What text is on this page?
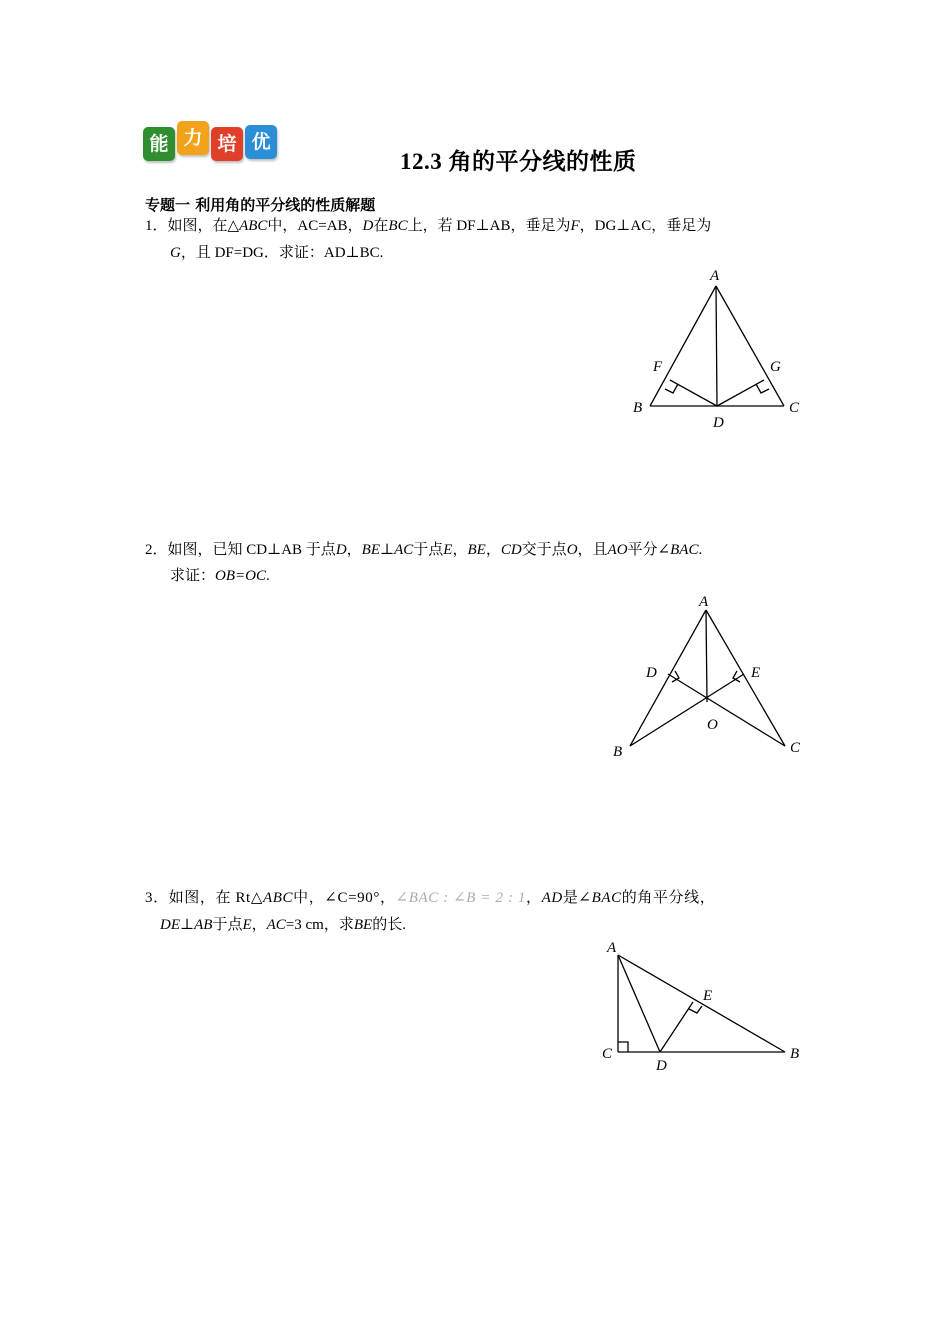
能 力 培 优
12.3 角的平分线的性质
专题一 利用角的平分线的性质解题
1．如图，在△ABC中，AC=AB，D在BC上，若 DF⊥AB，垂足为F，DG⊥AC，垂足为
G，且 DF=DG．求证：AD⊥BC.
A
B	C
D
F	G
A
B	C
D	E
O
A
B
C
D
E
2．如图，已知 CD⊥AB 于点D，BE⊥AC于点E，BE，CD交于点O，且AO平分∠BAC.
求证：OB=OC.
3．如图，在 Rt△ABC中，∠C=90°，∠BAC : ∠B = 2 : 1，AD是∠BAC的角平分线，
DE⊥AB于点E，AC=3 cm，求BE的长.
